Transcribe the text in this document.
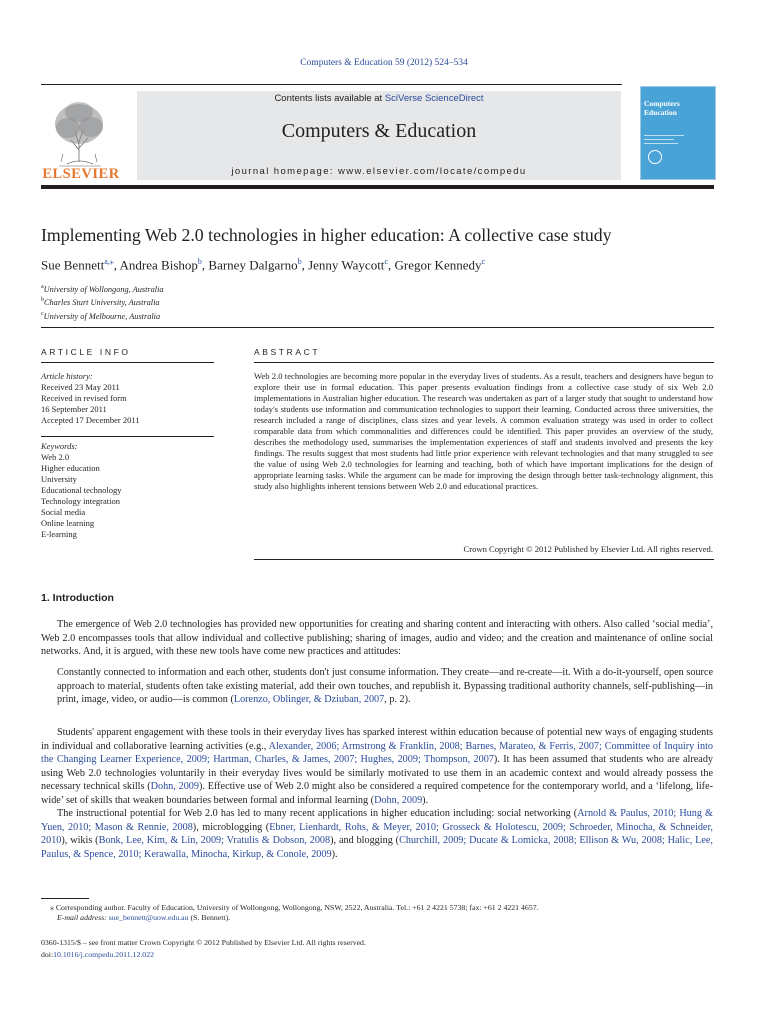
Computers & Education 59 (2012) 524–534
ELSEVIER
Contents lists available at SciVerse ScienceDirect
Computers & Education
journal homepage: www.elsevier.com/locate/compedu
Computers
Education
Implementing Web 2.0 technologies in higher education: A collective case study
Sue Bennett$^{a,⁎}$, Andrea Bishop$^b$, Barney Dalgarno$^b$, Jenny Waycott$^c$, Gregor Kennedy$^c$
$^a$University of Wollongong, Australia
$^b$Charles Sturt University, Australia
$^c$University of Melbourne, Australia
ARTICLE INFO	ABSTRACT
Article history:
Received 23 May 2011
Received in revised form
16 September 2011
Accepted 17 December 2011
Keywords:
Web 2.0
Higher education
University
Educational technology
Technology integration
Social media
Online learning
E-learning
Web 2.0 technologies are becoming more popular in the everyday lives of students. As a result, teachers and designers have begun to explore their use in formal education. This paper presents evaluation findings from a collective case study of six Web 2.0 implementations in Australian higher education. The research was undertaken as part of a larger study that sought to understand how today's students use information and communication technologies to support their learning. Conducted across three universities, the research included a range of disciplines, class sizes and year levels. A common evaluation strategy was used in order to collect comparable data from which commonalities and differences could be identified. This paper provides an overview of the study, describes the methodology used, summarises the implementation experiences of staff and students involved and presents the key findings. The results suggest that most students had little prior experience with relevant technologies and that many struggled to see the value of using Web 2.0 technologies for learning and teaching, both of which have important implications for the design of appropriate learning tasks. While the argument can be made for improving the design through better task-technology alignment, this study also highlights inherent tensions between Web 2.0 and educational practices.
Crown Copyright © 2012 Published by Elsevier Ltd. All rights reserved.
1. Introduction
The emergence of Web 2.0 technologies has provided new opportunities for creating and sharing content and interacting with others. Also called ‘social media’, Web 2.0 encompasses tools that allow individual and collective publishing; sharing of images, audio and video; and the creation and maintenance of online social networks. And, it is argued, with these new tools have come new practices and attitudes:
Constantly connected to information and each other, students don't just consume information. They create—and re-create—it. With a do-it-yourself, open source approach to material, students often take existing material, add their own touches, and republish it. Bypassing traditional authority channels, self-publishing—in print, image, video, or audio—is common (Lorenzo, Oblinger, & Dziuban, 2007, p. 2).
Students' apparent engagement with these tools in their everyday lives has sparked interest within education because of potential new ways of engaging students in individual and collaborative learning activities (e.g., Alexander, 2006; Armstrong & Franklin, 2008; Barnes, Marateo, & Ferris, 2007; Committee of Inquiry into the Changing Learner Experience, 2009; Hartman, Charles, & James, 2007; Hughes, 2009; Thompson, 2007). It has been assumed that students who are already using Web 2.0 technologies voluntarily in their everyday lives would be similarly motivated to use them in an academic context and would already possess the necessary technical skills (Dohn, 2009). Effective use of Web 2.0 might also be considered a required competence for the contemporary world, and a ‘lifelong, life-wide’ set of skills that weaken boundaries between formal and informal learning (Dohn, 2009).
The instructional potential for Web 2.0 has led to many recent applications in higher education including: social networking (Arnold & Paulus, 2010; Hung & Yuen, 2010; Mason & Rennie, 2008), microblogging (Ebner, Lienhardt, Rohs, & Meyer, 2010; Grosseck & Holotescu, 2009; Schroeder, Minocha, & Schneider, 2010), wikis (Bonk, Lee, Kim, & Lin, 2009; Vratulis & Dobson, 2008), and blogging (Churchill, 2009; Ducate & Lomicka, 2008; Ellison & Wu, 2008; Halic, Lee, Paulus, & Spence, 2010; Kerawalla, Minocha, Kirkup, & Conole, 2009).
⁎ Corresponding author. Faculty of Education, University of Wollongong, Wollongong, NSW, 2522, Australia. Tel.: +61 2 4221 5738; fax: +61 2 4221 4657.
E-mail address: sue_bennett@uow.edu.au (S. Bennett).
0360-1315/$ – see front matter Crown Copyright © 2012 Published by Elsevier Ltd. All rights reserved.
doi:10.1016/j.compedu.2011.12.022
